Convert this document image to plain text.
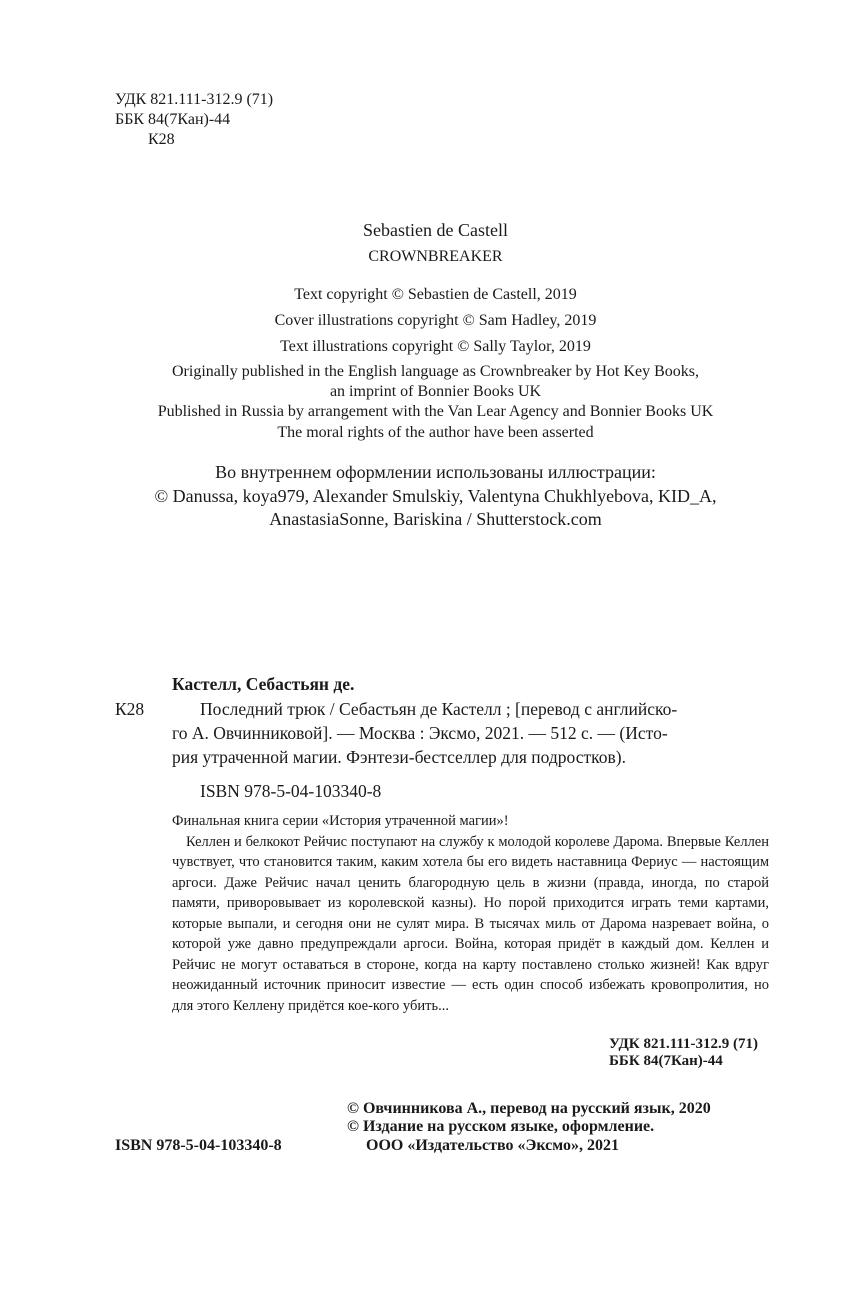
УДК 821.111-312.9 (71)
ББК 84(7Кан)-44
К28
Sebastien de Castell
CROWNBREAKER
Text copyright © Sebastien de Castell, 2019
Cover illustrations copyright © Sam Hadley, 2019
Text illustrations copyright © Sally Taylor, 2019
Originally published in the English language as Crownbreaker by Hot Key Books,
an imprint of Bonnier Books UK
Published in Russia by arrangement with the Van Lear Agency and Bonnier Books UK
The moral rights of the author have been asserted
Во внутреннем оформлении использованы иллюстрации:
© Danussa, koya979, Alexander Smulskiy, Valentyna Chukhlyebova, KID_A,
AnastasiaSonne, Bariskina / Shutterstock.com
Кастелл, Себастьян де.
К28	Последний трюк / Себастьян де Кастелл ; [перевод с английско-
го А. Овчинниковой]. — Москва : Эксмо, 2021. — 512 с. — (Исто-
рия утраченной магии. Фэнтези-бестселлер для подростков).
ISBN 978-5-04-103340-8

Финальная книга серии «История утраченной магии»!

Келлен и белкокот Рейчис поступают на службу к молодой королеве Дарома. Впервые Келлен чувствует, что становится таким, каким хотела бы его видеть наставница Фериус — настоящим аргоси. Даже Рейчис начал ценить благородную цель в жизни (правда, иногда, по старой памяти, приворовывает из королевской казны). Но порой приходится играть теми картами, которые выпали, и сегодня они не сулят мира. В тысячах миль от Дарома назревает война, о которой уже давно предупреждали аргоси. Война, которая придёт в каждый дом. Келлен и Рейчис не могут оставаться в стороне, когда на карту поставлено столько жизней! Как вдруг неожиданный источник приносит известие — есть один способ избежать кровопролития, но для этого Келлену придётся кое-кого убить...

УДК 821.111-312.9 (71)
ББК 84(7Кан)-44
© Овчинникова А., перевод на русский язык, 2020
© Издание на русском языке, оформление.
ООО «Издательство «Эксмо», 2021
ISBN 978-5-04-103340-8
